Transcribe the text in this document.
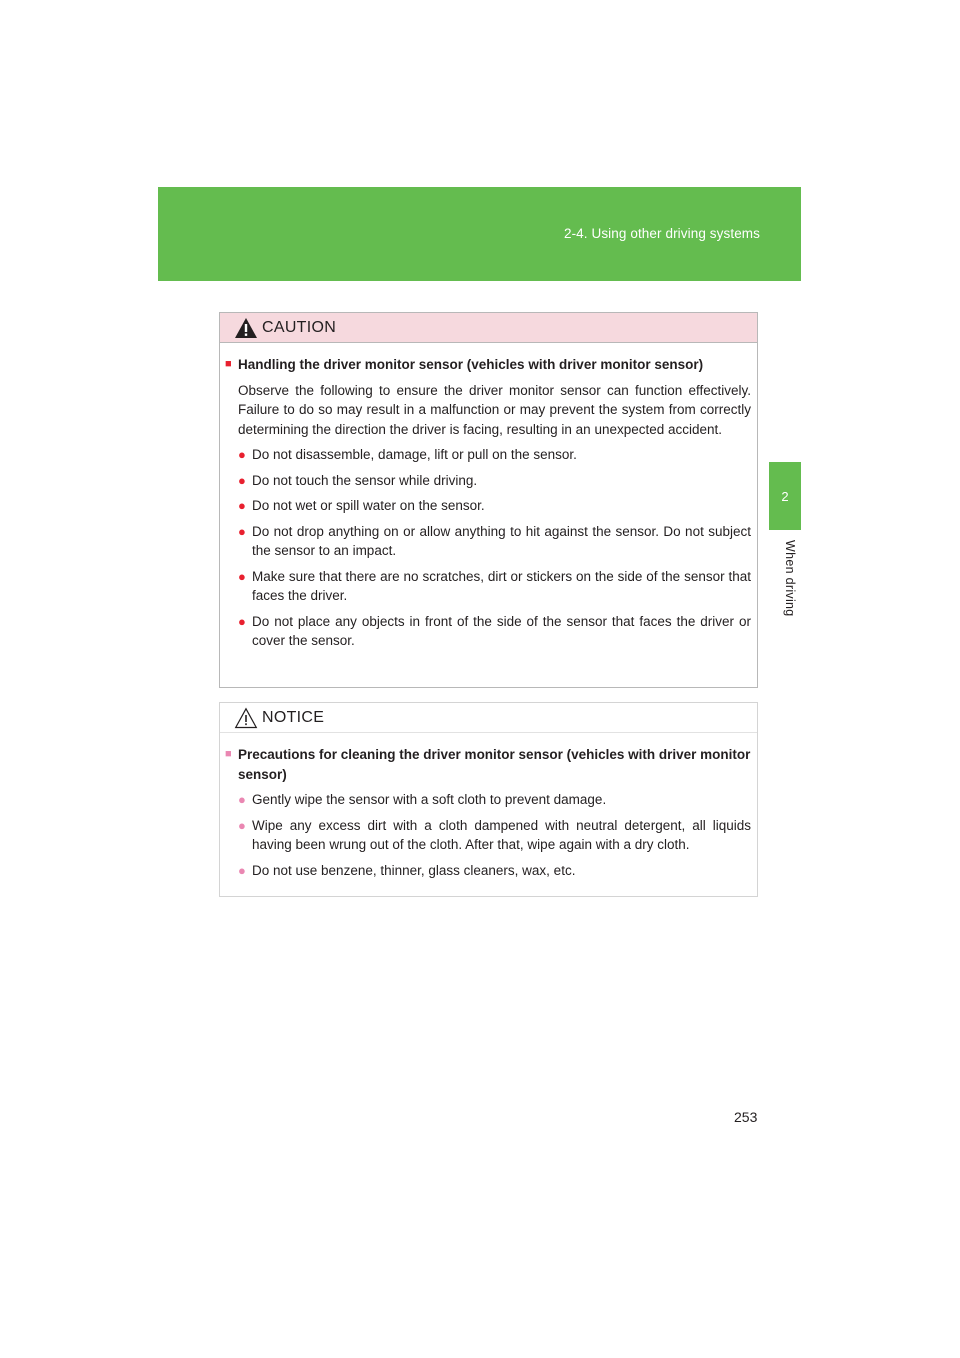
2-4. Using other driving systems
2
When driving
CAUTION
■ Handling the driver monitor sensor (vehicles with driver monitor sensor)
Observe the following to ensure the driver monitor sensor can function effectively. Failure to do so may result in a malfunction or may prevent the system from correctly determining the direction the driver is facing, resulting in an unexpected accident.
● Do not disassemble, damage, lift or pull on the sensor.
● Do not touch the sensor while driving.
● Do not wet or spill water on the sensor.
● Do not drop anything on or allow anything to hit against the sensor. Do not subject the sensor to an impact.
● Make sure that there are no scratches, dirt or stickers on the side of the sensor that faces the driver.
● Do not place any objects in front of the side of the sensor that faces the driver or cover the sensor.
NOTICE
■ Precautions for cleaning the driver monitor sensor (vehicles with driver monitor sensor)
● Gently wipe the sensor with a soft cloth to prevent damage.
● Wipe any excess dirt with a cloth dampened with neutral detergent, all liquids having been wrung out of the cloth. After that, wipe again with a dry cloth.
● Do not use benzene, thinner, glass cleaners, wax, etc.
253
